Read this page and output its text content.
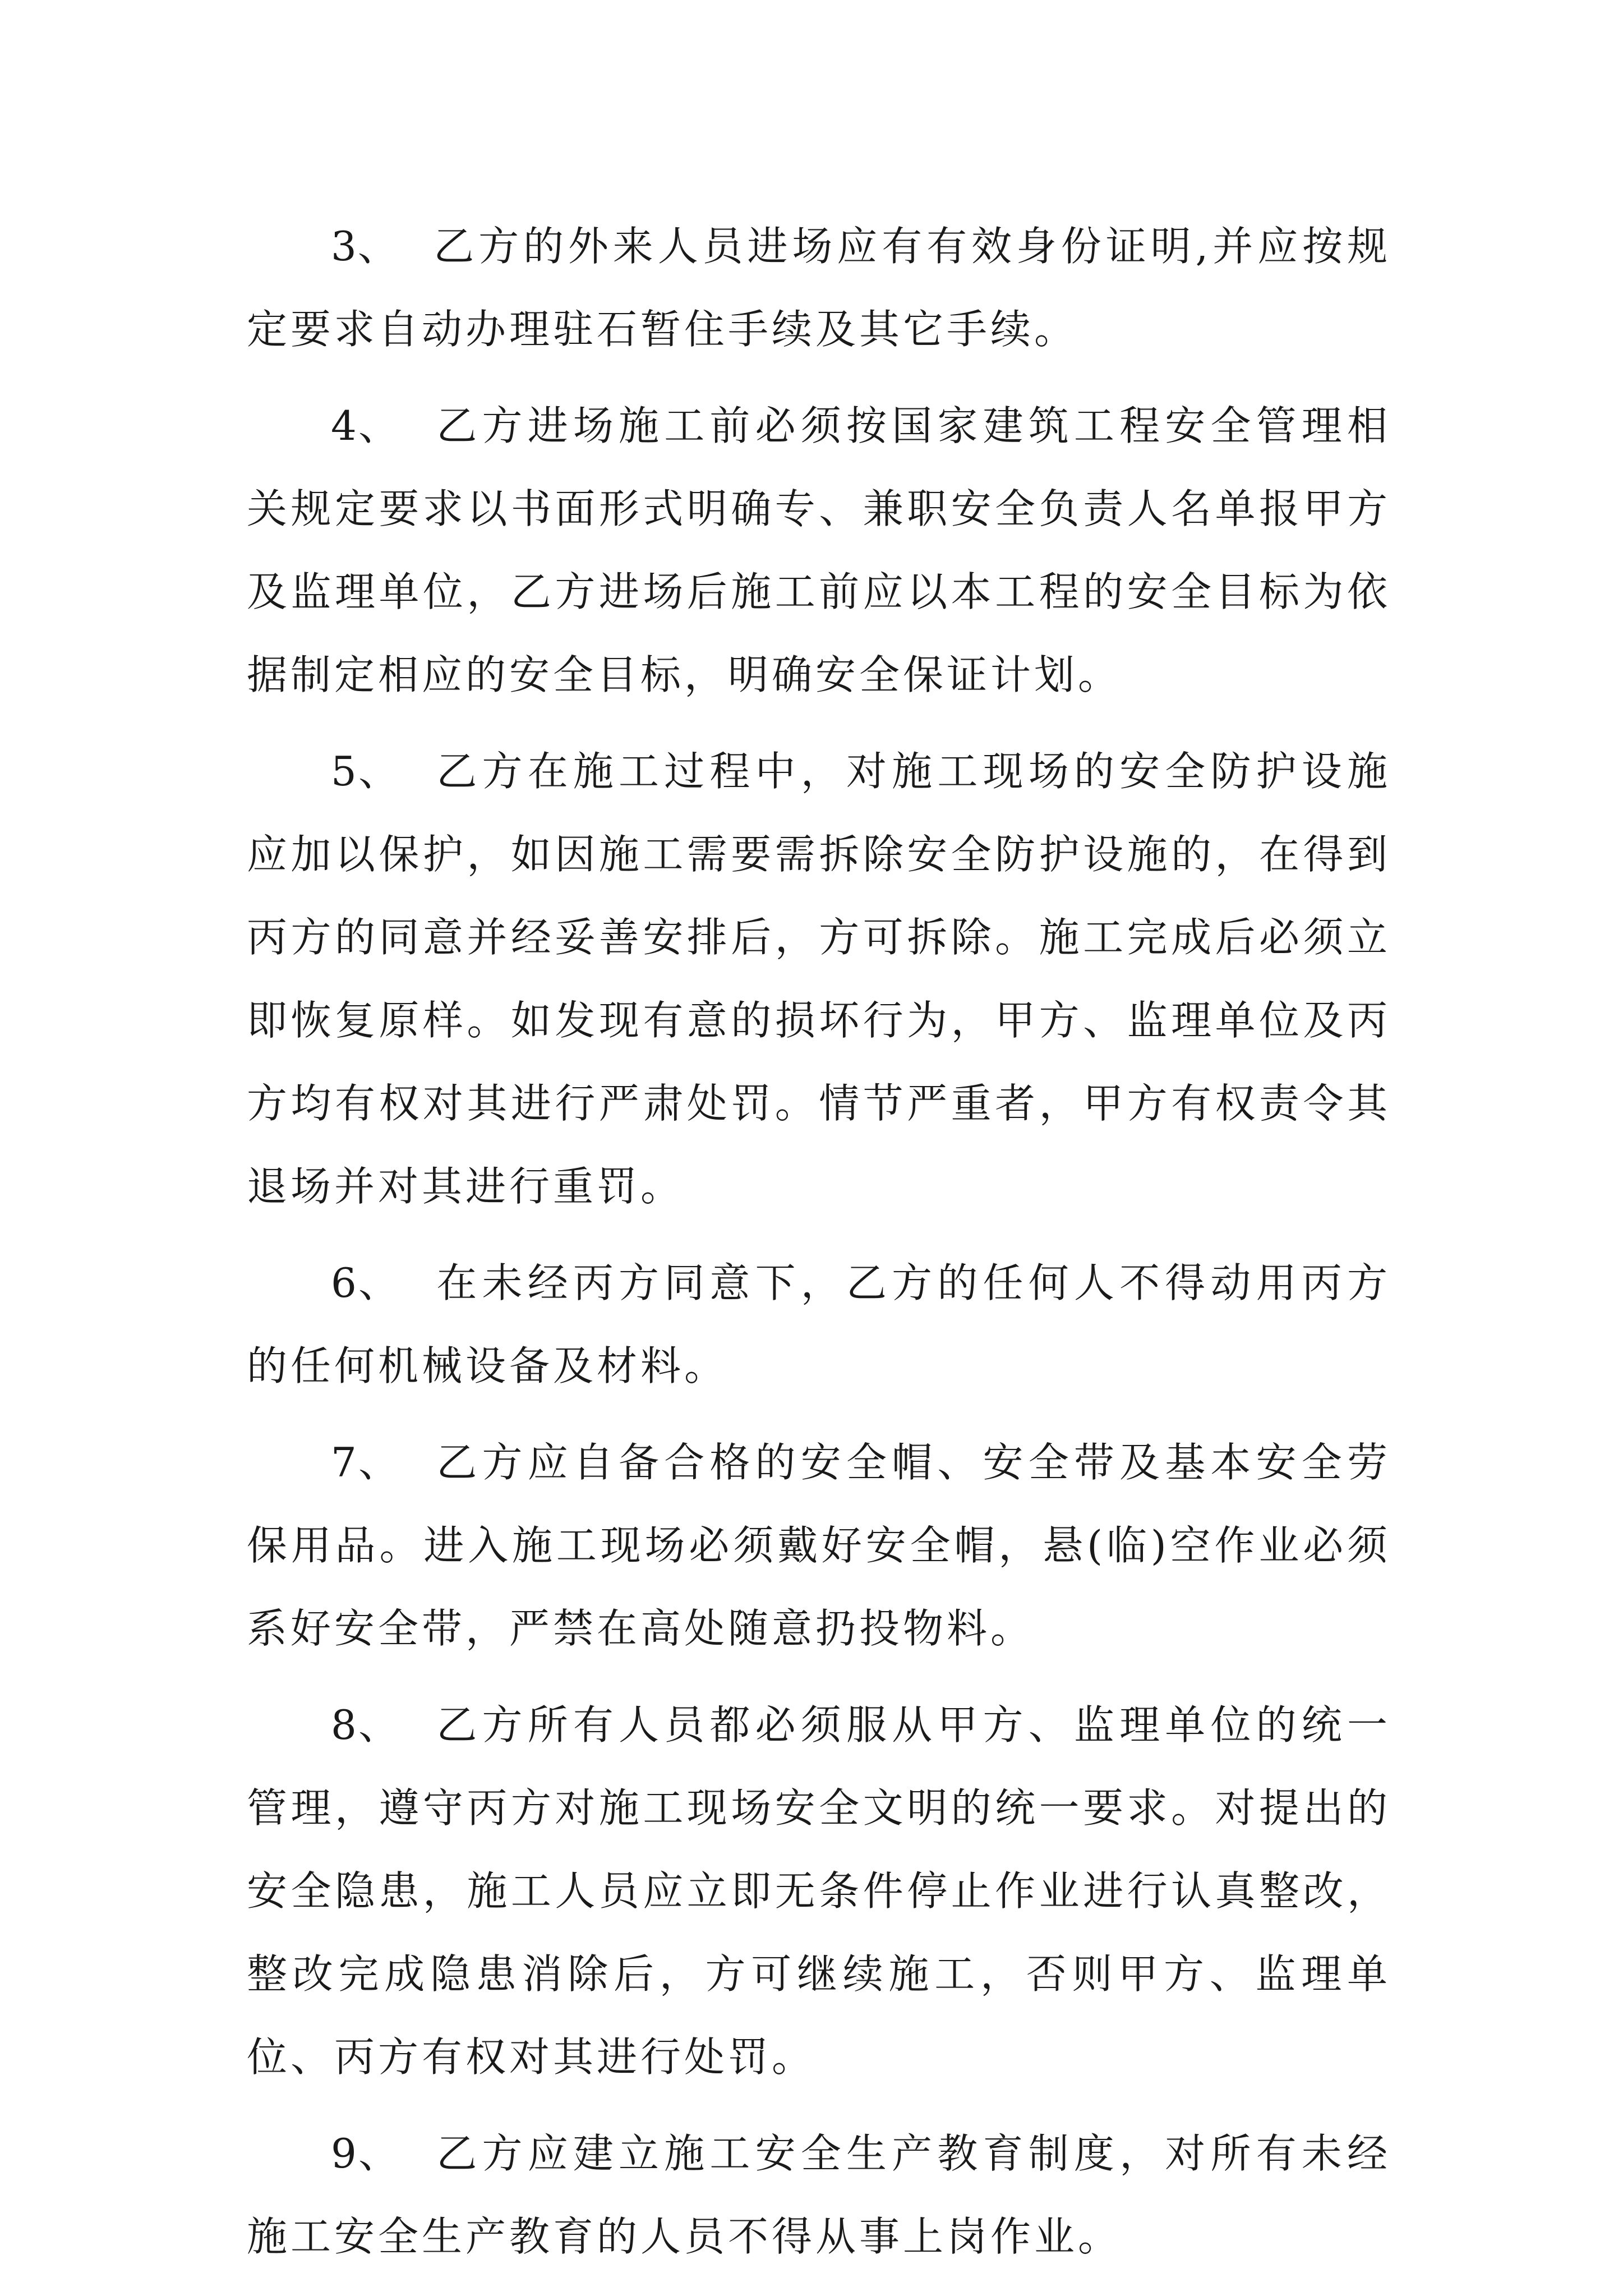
3、 乙方的外来人员进场应有有效身份证明,并应按规定要求自动办理驻石暂住手续及其它手续。

4、 乙方进场施工前必须按国家建筑工程安全管理相关规定要求以书面形式明确专、兼职安全负责人名单报甲方及监理单位，乙方进场后施工前应以本工程的安全目标为依据制定相应的安全目标，明确安全保证计划。

5、 乙方在施工过程中，对施工现场的安全防护设施应加以保护，如因施工需要需拆除安全防护设施的，在得到丙方的同意并经妥善安排后，方可拆除。施工完成后必须立即恢复原样。如发现有意的损坏行为，甲方、监理单位及丙方均有权对其进行严肃处罚。情节严重者，甲方有权责令其退场并对其进行重罚。

6、 在未经丙方同意下，乙方的任何人不得动用丙方的任何机械设备及材料。

7、 乙方应自备合格的安全帽、安全带及基本安全劳保用品。进入施工现场必须戴好安全帽，悬(临)空作业必须系好安全带，严禁在高处随意扔投物料。

8、 乙方所有人员都必须服从甲方、监理单位的统一管理，遵守丙方对施工现场安全文明的统一要求。对提出的安全隐患，施工人员应立即无条件停止作业进行认真整改，整改完成隐患消除后，方可继续施工，否则甲方、监理单位、丙方有权对其进行处罚。

9、 乙方应建立施工安全生产教育制度，对所有未经施工安全生产教育的人员不得从事上岗作业。
